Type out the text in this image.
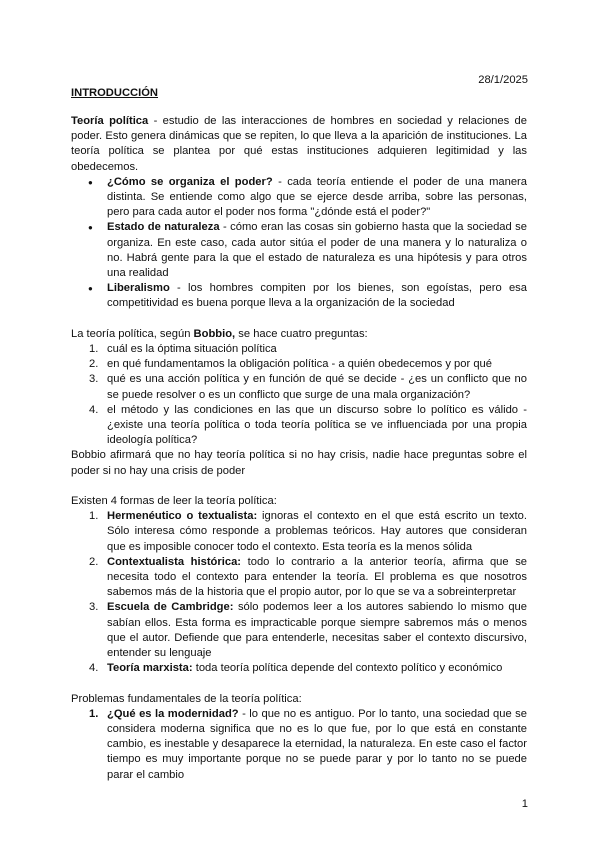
28/1/2025
INTRODUCCIÓN

Teoría política - estudio de las interacciones de hombres en sociedad y relaciones de poder. Esto genera dinámicas que se repiten, lo que lleva a la aparición de instituciones. La teoría política se plantea por qué estas instituciones adquieren legitimidad y las obedecemos.

● ¿Cómo se organiza el poder? - cada teoría entiende el poder de una manera distinta. Se entiende como algo que se ejerce desde arriba, sobre las personas, pero para cada autor el poder nos forma "¿dónde está el poder?"
● Estado de naturaleza - cómo eran las cosas sin gobierno hasta que la sociedad se organiza. En este caso, cada autor sitúa el poder de una manera y lo naturaliza o no. Habrá gente para la que el estado de naturaleza es una hipótesis y para otros una realidad
● Liberalismo - los hombres compiten por los bienes, son egoístas, pero esa competitividad es buena porque lleva a la organización de la sociedad

La teoría política, según Bobbio, se hace cuatro preguntas:

1. cuál es la óptima situación política
2. en qué fundamentamos la obligación política - a quién obedecemos y por qué
3. qué es una acción política y en función de qué se decide - ¿es un conflicto que no se puede resolver o es un conflicto que surge de una mala organización?
4. el método y las condiciones en las que un discurso sobre lo político es válido - ¿existe una teoría política o toda teoría política se ve influenciada por una propia ideología política?

Bobbio afirmará que no hay teoría política si no hay crisis, nadie hace preguntas sobre el poder si no hay una crisis de poder

Existen 4 formas de leer la teoría política:

1. Hermenéutico o textualista: ignoras el contexto en el que está escrito un texto. Sólo interesa cómo responde a problemas teóricos. Hay autores que consideran que es imposible conocer todo el contexto. Esta teoría es la menos sólida
2. Contextualista histórica: todo lo contrario a la anterior teoría, afirma que se necesita todo el contexto para entender la teoría. El problema es que nosotros sabemos más de la historia que el propio autor, por lo que se va a sobreinterpretar
3. Escuela de Cambridge: sólo podemos leer a los autores sabiendo lo mismo que sabían ellos. Esta forma es impracticable porque siempre sabremos más o menos que el autor. Defiende que para entenderle, necesitas saber el contexto discursivo, entender su lenguaje
4. Teoría marxista: toda teoría política depende del contexto político y económico

Problemas fundamentales de la teoría política:

1. ¿Qué es la modernidad? - lo que no es antiguo. Por lo tanto, una sociedad que se considera moderna significa que no es lo que fue, por lo que está en constante cambio, es inestable y desaparece la eternidad, la naturaleza. En este caso el factor tiempo es muy importante porque no se puede parar y por lo tanto no se puede parar el cambio
1
